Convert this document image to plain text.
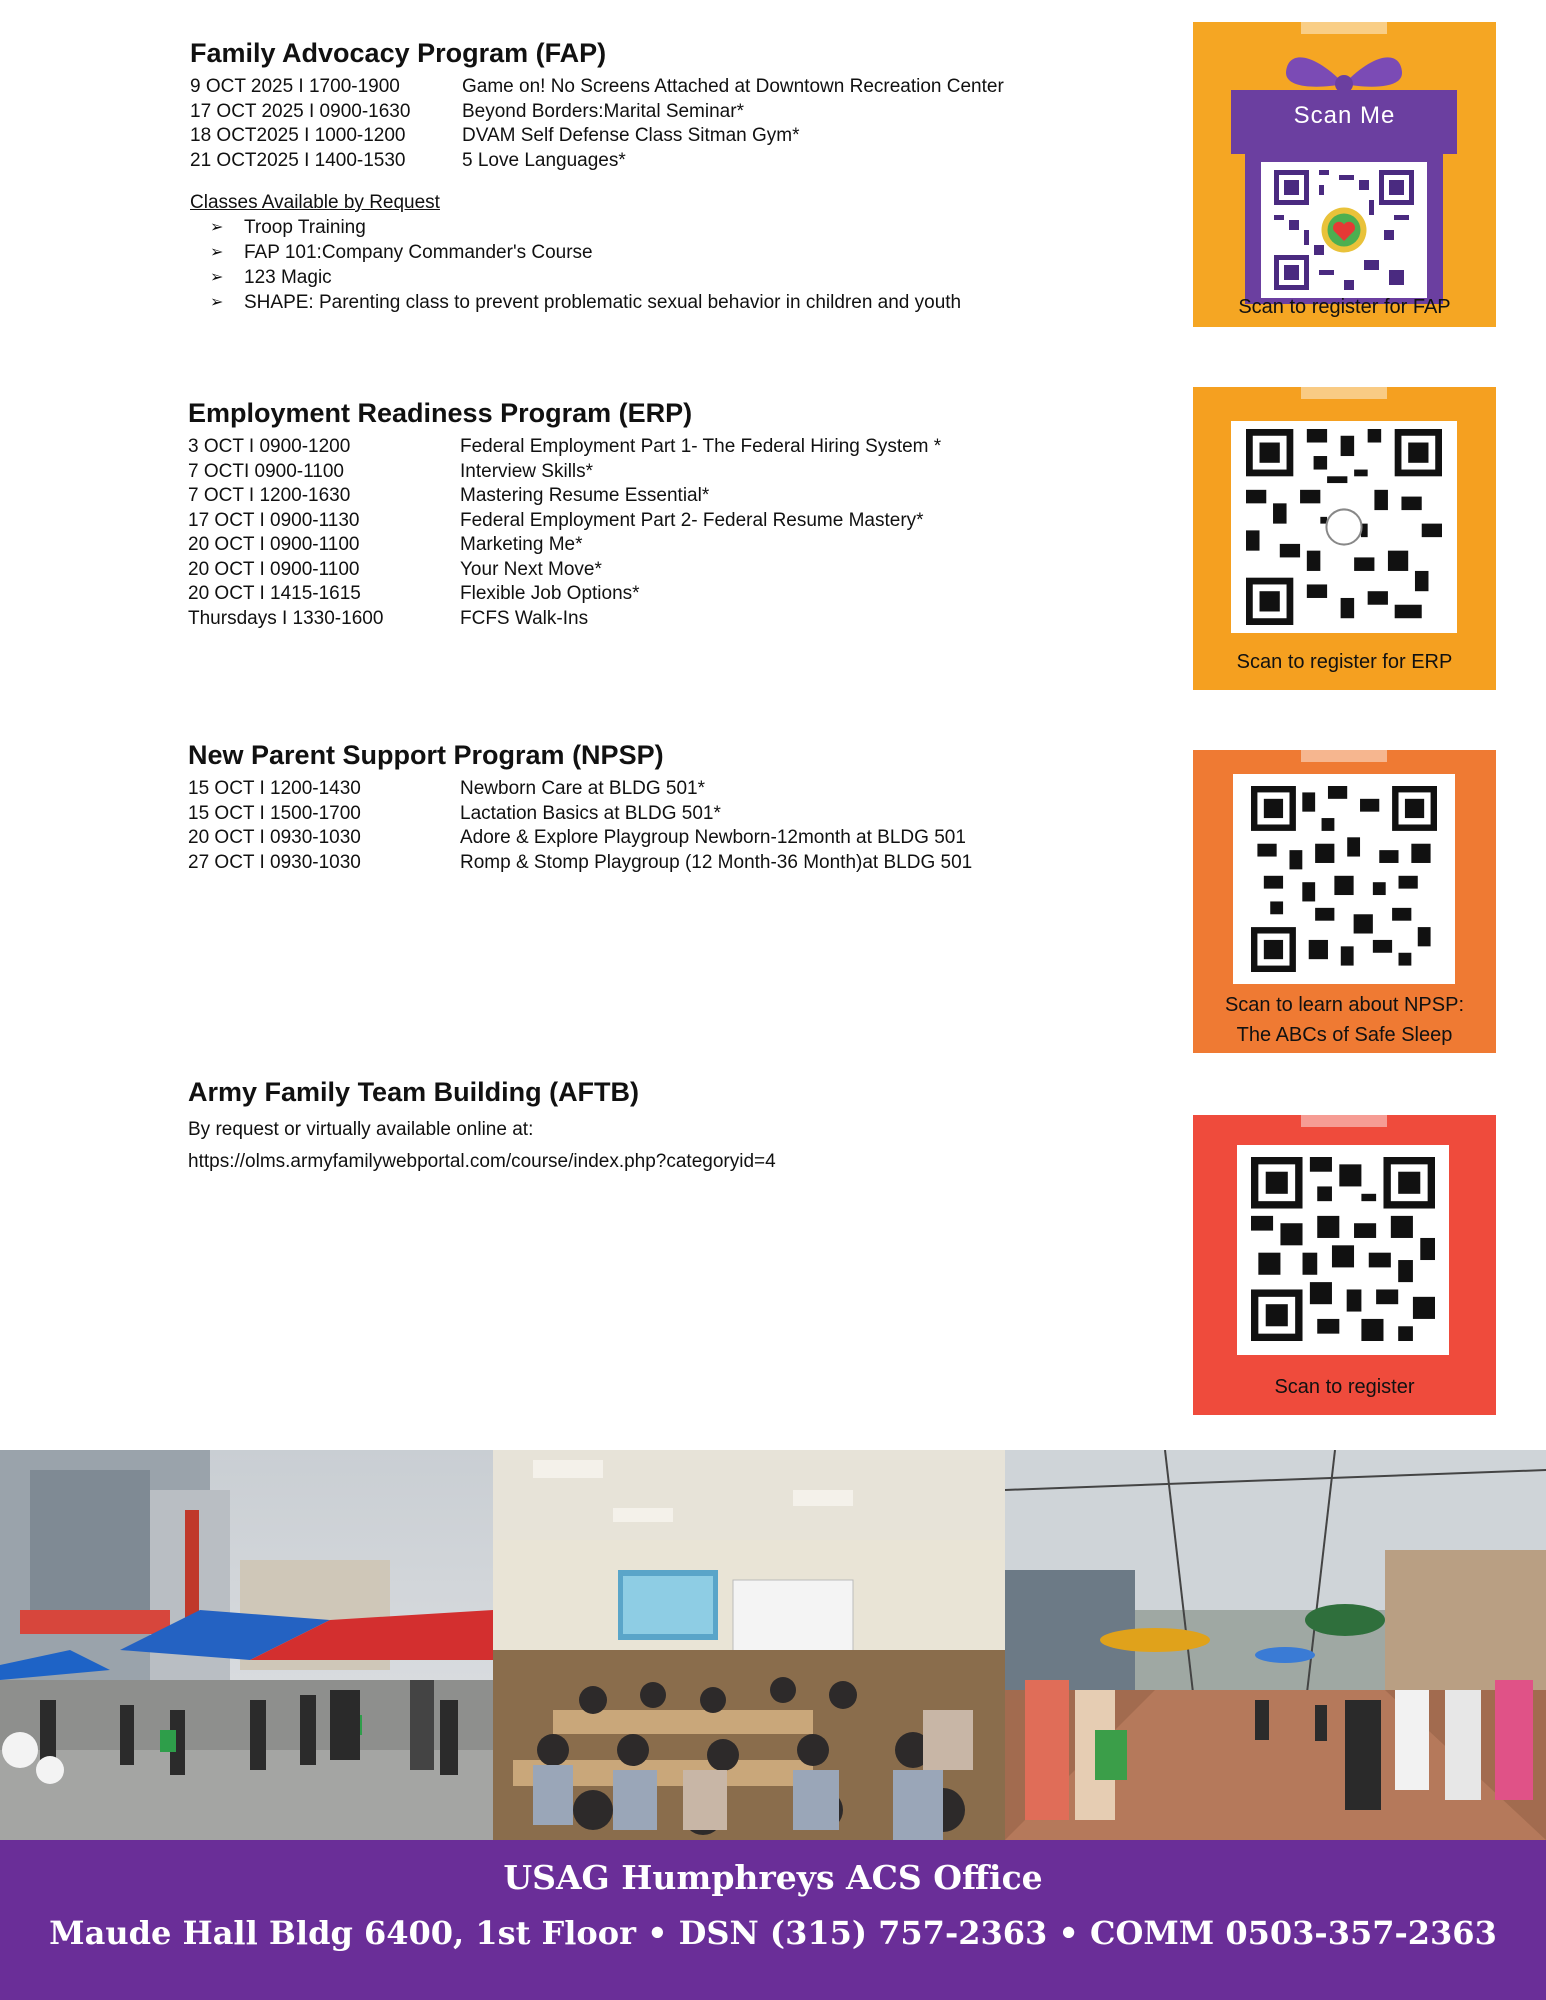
Family Advocacy Program (FAP)
9 OCT 2025 I 1700-1900	Game on! No Screens Attached at Downtown Recreation Center
17 OCT 2025 I 0900-1630	Beyond Borders:Marital Seminar*
18 OCT2025 I 1000-1200	DVAM Self Defense Class Sitman Gym*
21 OCT2025 I 1400-1530	5 Love Languages*
Classes Available by Request
➢	Troop Training
➢	FAP 101:Company Commander's Course
➢	123 Magic
➢	SHAPE: Parenting class to prevent problematic sexual behavior in children and youth
Scan Me
Scan to register for FAP
Employment Readiness Program (ERP)
3 OCT I 0900-1200	Federal Employment Part 1- The Federal Hiring System *
7 OCTI 0900-1100	Interview Skills*
7 OCT I 1200-1630	Mastering Resume Essential*
17 OCT I 0900-1130	Federal Employment Part 2- Federal Resume Mastery*
20 OCT I 0900-1100	Marketing Me*
20 OCT I 0900-1100	Your Next Move*
20 OCT I 1415-1615	Flexible Job Options*
Thursdays I 1330-1600	FCFS Walk-Ins
Scan to register for ERP
New Parent Support Program (NPSP)
15 OCT I 1200-1430	Newborn Care at BLDG 501*
15 OCT I 1500-1700	Lactation Basics at BLDG 501*
20 OCT I 0930-1030	Adore & Explore Playgroup Newborn-12month at BLDG 501
27 OCT I 0930-1030	Romp & Stomp Playgroup (12 Month-36 Month)at BLDG 501
Scan to learn about NPSP:
The ABCs of Safe Sleep
Army Family Team Building (AFTB)
By request or virtually available online at:
https://olms.armyfamilywebportal.com/course/index.php?categoryid=4
Scan to register
USAG Humphreys ACS Office
Maude Hall Bldg 6400, 1st Floor • DSN (315) 757-2363 • COMM 0503-357-2363
